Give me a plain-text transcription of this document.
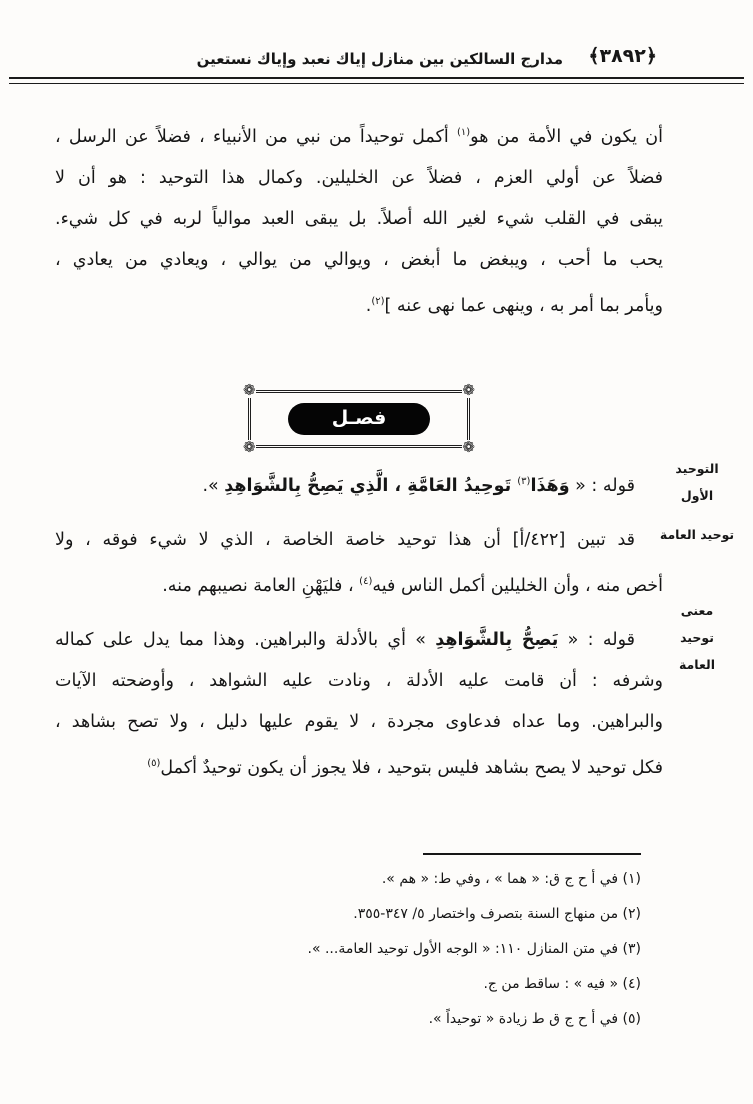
مدارج السالكين بين منازل إياك نعبد وإياك نستعين ﴿٣٨٩٢﴾
أن يكون في الأمة من هو$^{(١)}$ أكمل توحيداً من نبي من الأنبياء ، فضلاً عن الرسل ،
فضلاً عن أولي العزم ، فضلاً عن الخليلين. وكمال هذا التوحيد : هو أن لا
يبقى في القلب شيء لغير الله أصلاً. بل يبقى العبد موالياً لربه في كل شيء.
يحب ما أحب ، ويبغض ما أبغض ، ويوالي من يوالي ، ويعادي من يعادي ،
ويأمر بما أمر به ، وينهى عما نهى عنه ]$^{(٢)}$.
❁	❁
❁	❁
فصـل
قوله : « وَهَذَا$^{(٣)}$ تَوحِيدُ العَامَّةِ ، الَّذِي يَصِحُّ بِالشَّوَاهِدِ ».
قد تبين [٤٢٢/أ] أن هذا توحيد خاصة الخاصة ، الذي لا شيء فوقه ، ولا
أخص منه ، وأن الخليلين أكمل الناس فيه$^{(٤)}$ ، فليَهْنِ العامة نصيبهم منه.
قوله : « يَصِحُّ بِالشَّوَاهِدِ » أي بالأدلة والبراهين. وهذا مما يدل على كماله
وشرفه : أن قامت عليه الأدلة ، ونادت عليه الشواهد ، وأوضحته الآيات
والبراهين. وما عداه فدعاوى مجردة ، لا يقوم عليها دليل ، ولا تصح بشاهد ،
فكل توحيد لا يصح بشاهد فليس بتوحيد ، فلا يجوز أن يكون توحيدٌ أكمل$^{(٥)}$
التوحيد
الأول
توحيد العامة
معنى
توحيد
العامة
(١) في أ ح ج ق: « هما » ، وفي ط: « هم ».
(٢) من منهاج السنة بتصرف واختصار ٥/ ٣٤٧-٣٥٥.
(٣) في متن المنازل ١١٠: « الوجه الأول توحيد العامة... ».
(٤) « فيه » : ساقط من ج.
(٥) في أ ح ج ق ط زيادة « توحيداً ».
